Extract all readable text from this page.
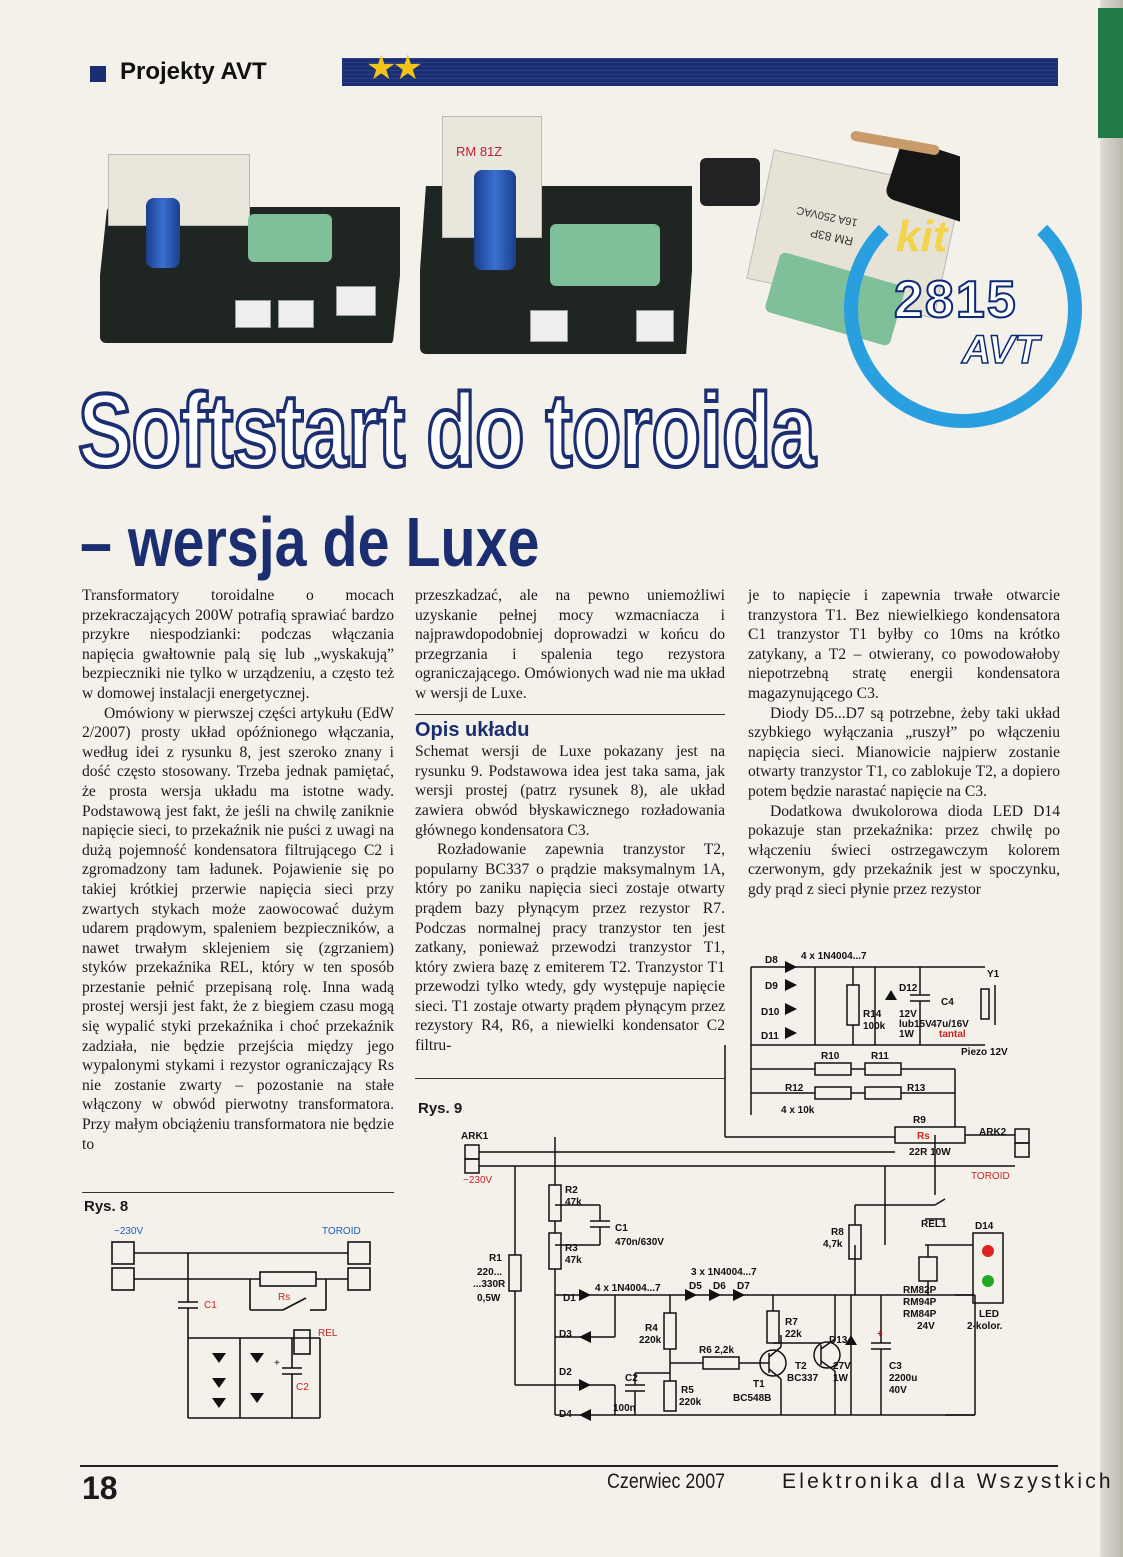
Projekty AVT	★★
RM 81Z
RM 83P
16A 250VAC kit
2815
AVT
Softstart do toroida
– wersja de Luxe

Transformatory toroidalne o mocach przekraczających 200W potrafią sprawiać bardzo przykre niespodzianki: podczas włączania napięcia gwałtownie palą się lub „wyskakują” bezpieczniki nie tylko w urządzeniu, a często też w domowej instalacji energetycznej.

Omówiony w pierwszej części artykułu (EdW 2/2007) prosty układ opóźnionego włączania, według idei z rysunku 8, jest szeroko znany i dość często stosowany. Trzeba jednak pamiętać, że prosta wersja układu ma istotne wady. Podstawową jest fakt, że jeśli na chwilę zaniknie napięcie sieci, to przekaźnik nie puści z uwagi na dużą pojemność kondensatora filtrującego C2 i zgromadzony tam ładunek. Pojawienie się po takiej krótkiej przerwie napięcia sieci przy zwartych stykach może zaowocować dużym udarem prądowym, spaleniem bezpieczników, a nawet trwałym sklejeniem się (zgrzaniem) styków przekaźnika REL, który w ten sposób przestanie pełnić przepisaną rolę. Inna wadą prostej wersji jest fakt, że z biegiem czasu mogą się wypalić styki przekaźnika i choć przekaźnik zadziała, nie będzie przejścia między jego wypalonymi stykami i rezystor ograniczający Rs nie zostanie zwarty – pozostanie na stałe włączony w obwód pierwotny transformatora. Przy małym obciążeniu transformatora nie będzie to

przeszkadzać, ale na pewno uniemożliwi uzyskanie pełnej mocy wzmacniacza i najprawdopodobniej doprowadzi w końcu do przegrzania i spalenia tego rezystora ograniczającego. Omówionych wad nie ma układ w wersji de Luxe.

Opis układu

Schemat wersji de Luxe pokazany jest na rysunku 9. Podstawowa idea jest taka sama, jak wersji prostej (patrz rysunek 8), ale układ zawiera obwód błyskawicznego rozładowania głównego kondensatora C3.

Rozładowanie zapewnia tranzystor T2, popularny BC337 o prądzie maksymalnym 1A, który po zaniku napięcia sieci zostaje otwarty prądem bazy płynącym przez rezystor R7. Podczas normalnej pracy tranzystor ten jest zatkany, ponieważ przewodzi tranzystor T1, który zwiera bazę z emiterem T2. Tranzystor T1 przewodzi tylko wtedy, gdy występuje napięcie sieci. T1 zostaje otwarty prądem płynącym przez rezystory R4, R6, a niewielki kondensator C2 filtru-

je to napięcie i zapewnia trwałe otwarcie tranzystora T1. Bez niewielkiego kondensatora C1 tranzystor T1 byłby co 10ms na krótko zatykany, a T2 – otwierany, co powodowałoby niepotrzebną stratę energii kondensatora magazynującego C3.

Diody D5...D7 są potrzebne, żeby taki układ szybkiego wyłączania „ruszył” po włączeniu napięcia sieci. Mianowicie najpierw zostanie otwarty tranzystor T1, co zablokuje T2, a dopiero potem będzie narastać napięcie na C3.

Dodatkowa dwukolorowa dioda LED D14 pokazuje stan przekaźnika: przez chwilę po włączeniu świeci ostrzegawczym kolorem czerwonym, gdy przekaźnik jest w spoczynku, gdy prąd z sieci płynie przez rezystor

Rys. 8
~230V	TOROID
Rs
C1
REL
+
C2
Rys. 9
D8 4 x 1N4004...7
D9
D10
D11
R14
100k
D12
12V
lub15V
1W
C4
47u/16V
tantal
Y1
Piezo 12V
R10	R11
R12	R13
4 x 10k
R9
Rs
22R 10W
ARK1	ARK2
~230V	TOROID
R2
47k
C1
470n/630V
R3
47k
R1
220...
...330R
0,5W
REL1	D14
3 x 1N4004...7
D5 D6 D7
D1
4 x 1N4004...7
D3
D2
D4
R4
220k
R6 2,2k
R7
22k
R8
4,7k
C2
100n
R5
220k
T1
BC548B
T2
BC337
D13
27V
1W
+
C3
2200u
40V
RM82P
RM94P
RM84P
24V
LED
2-kolor.
18	Czerwiec 2007	Elektronika dla Wszystkich
